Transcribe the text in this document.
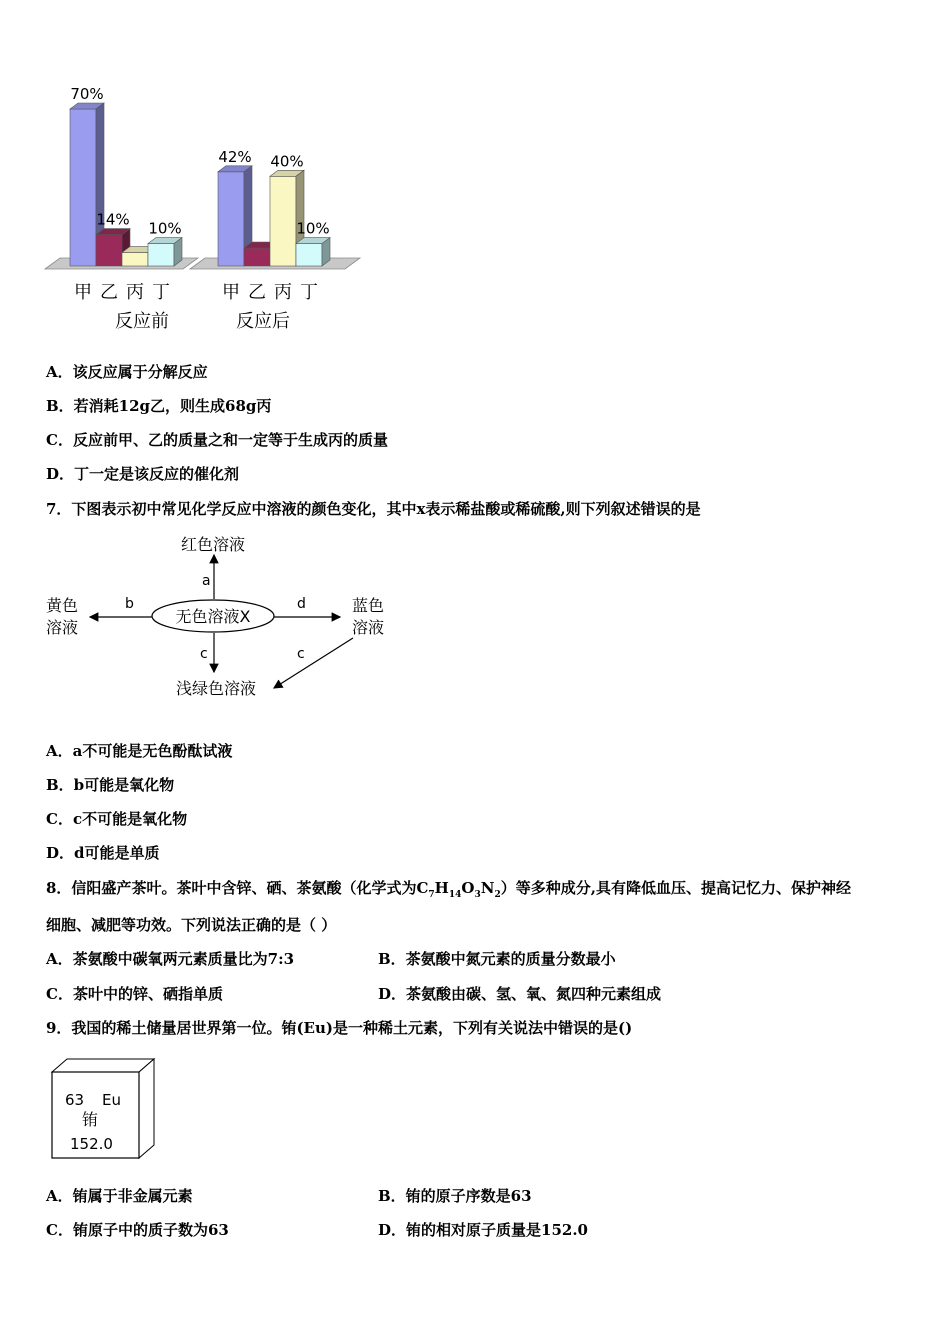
70%
14% 10%
42% 40%
10%
甲 乙 丙 丁	甲 乙 丙 丁
反应前	反应后
A．该反应属于分解反应
B．若消耗12g乙，则生成68g丙
C．反应前甲、乙的质量之和一定等于生成丙的质量
D．丁一定是该反应的催化剂
7．下图表示初中常见化学反应中溶液的颜色变化，其中x表示稀盐酸或稀硫酸,则下列叙述错误的是
无色溶液X
a
红色溶液
b
黄色
溶液
d	蓝色
溶液
c
浅绿色溶液
c
A．a不可能是无色酚酞试液
B．b可能是氧化物
C．c不可能是氧化物
D．d可能是单质
8．信阳盛产茶叶。茶叶中含锌、硒、茶氨酸（化学式为$C_7H_{14}O_3N_2$）等多种成分,具有降低血压、提高记忆力、保护神经
细胞、减肥等功效。下列说法正确的是（ ）
A．茶氨酸中碳氧两元素质量比为7:3	B．茶氨酸中氮元素的质量分数最小
C．茶叶中的锌、硒指单质	D．茶氨酸由碳、氢、氧、氮四种元素组成
9．我国的稀土储量居世界第一位。铕(Eu)是一种稀土元素，下列有关说法中错误的是()
63 Eu
铕
152.0
A．铕属于非金属元素	B．铕的原子序数是63
C．铕原子中的质子数为63	D．铕的相对原子质量是152.0
